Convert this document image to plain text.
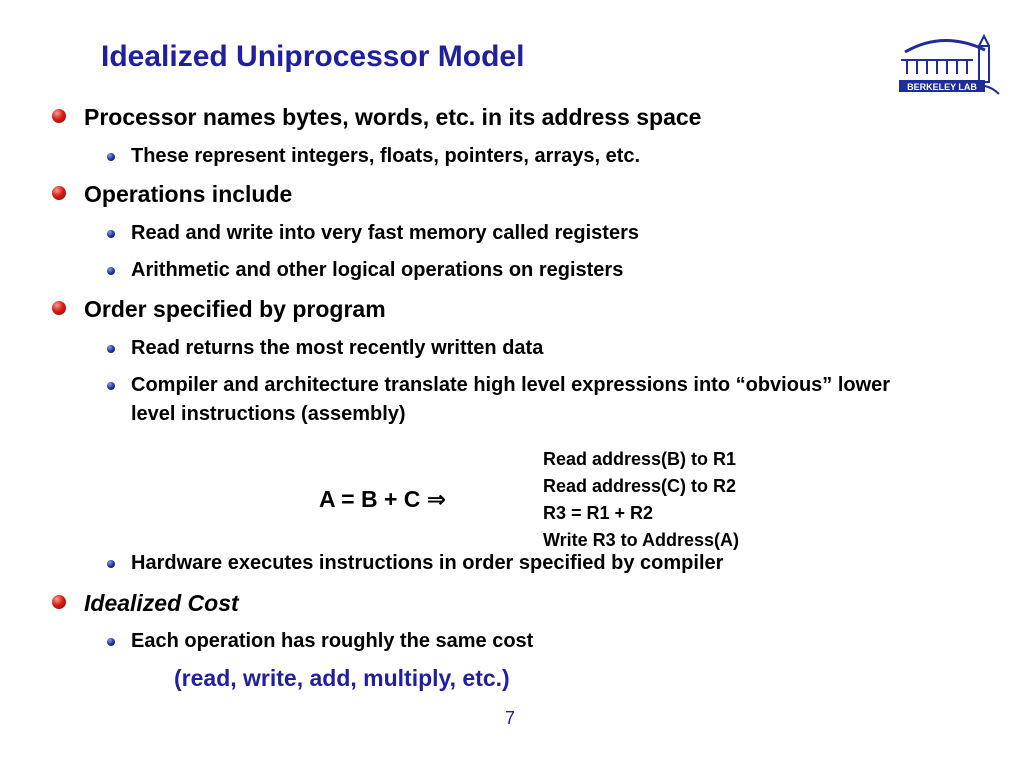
Idealized Uniprocessor Model
BERKELEY LAB
Processor names bytes, words, etc. in its address space
These represent integers, floats, pointers, arrays, etc.
Operations include
Read and write into very fast memory called registers
Arithmetic and other logical operations on registers
Order specified by program
Read returns the most recently written data
Compiler and architecture translate high level expressions into “obvious” lower level instructions (assembly)
A = B + C ⇒
Read address(B) to R1
Read address(C) to R2
R3 = R1 + R2
Write R3 to Address(A)
Hardware executes instructions in order specified by compiler
Idealized Cost
Each operation has roughly the same cost
(read, write, add, multiply, etc.)
7
